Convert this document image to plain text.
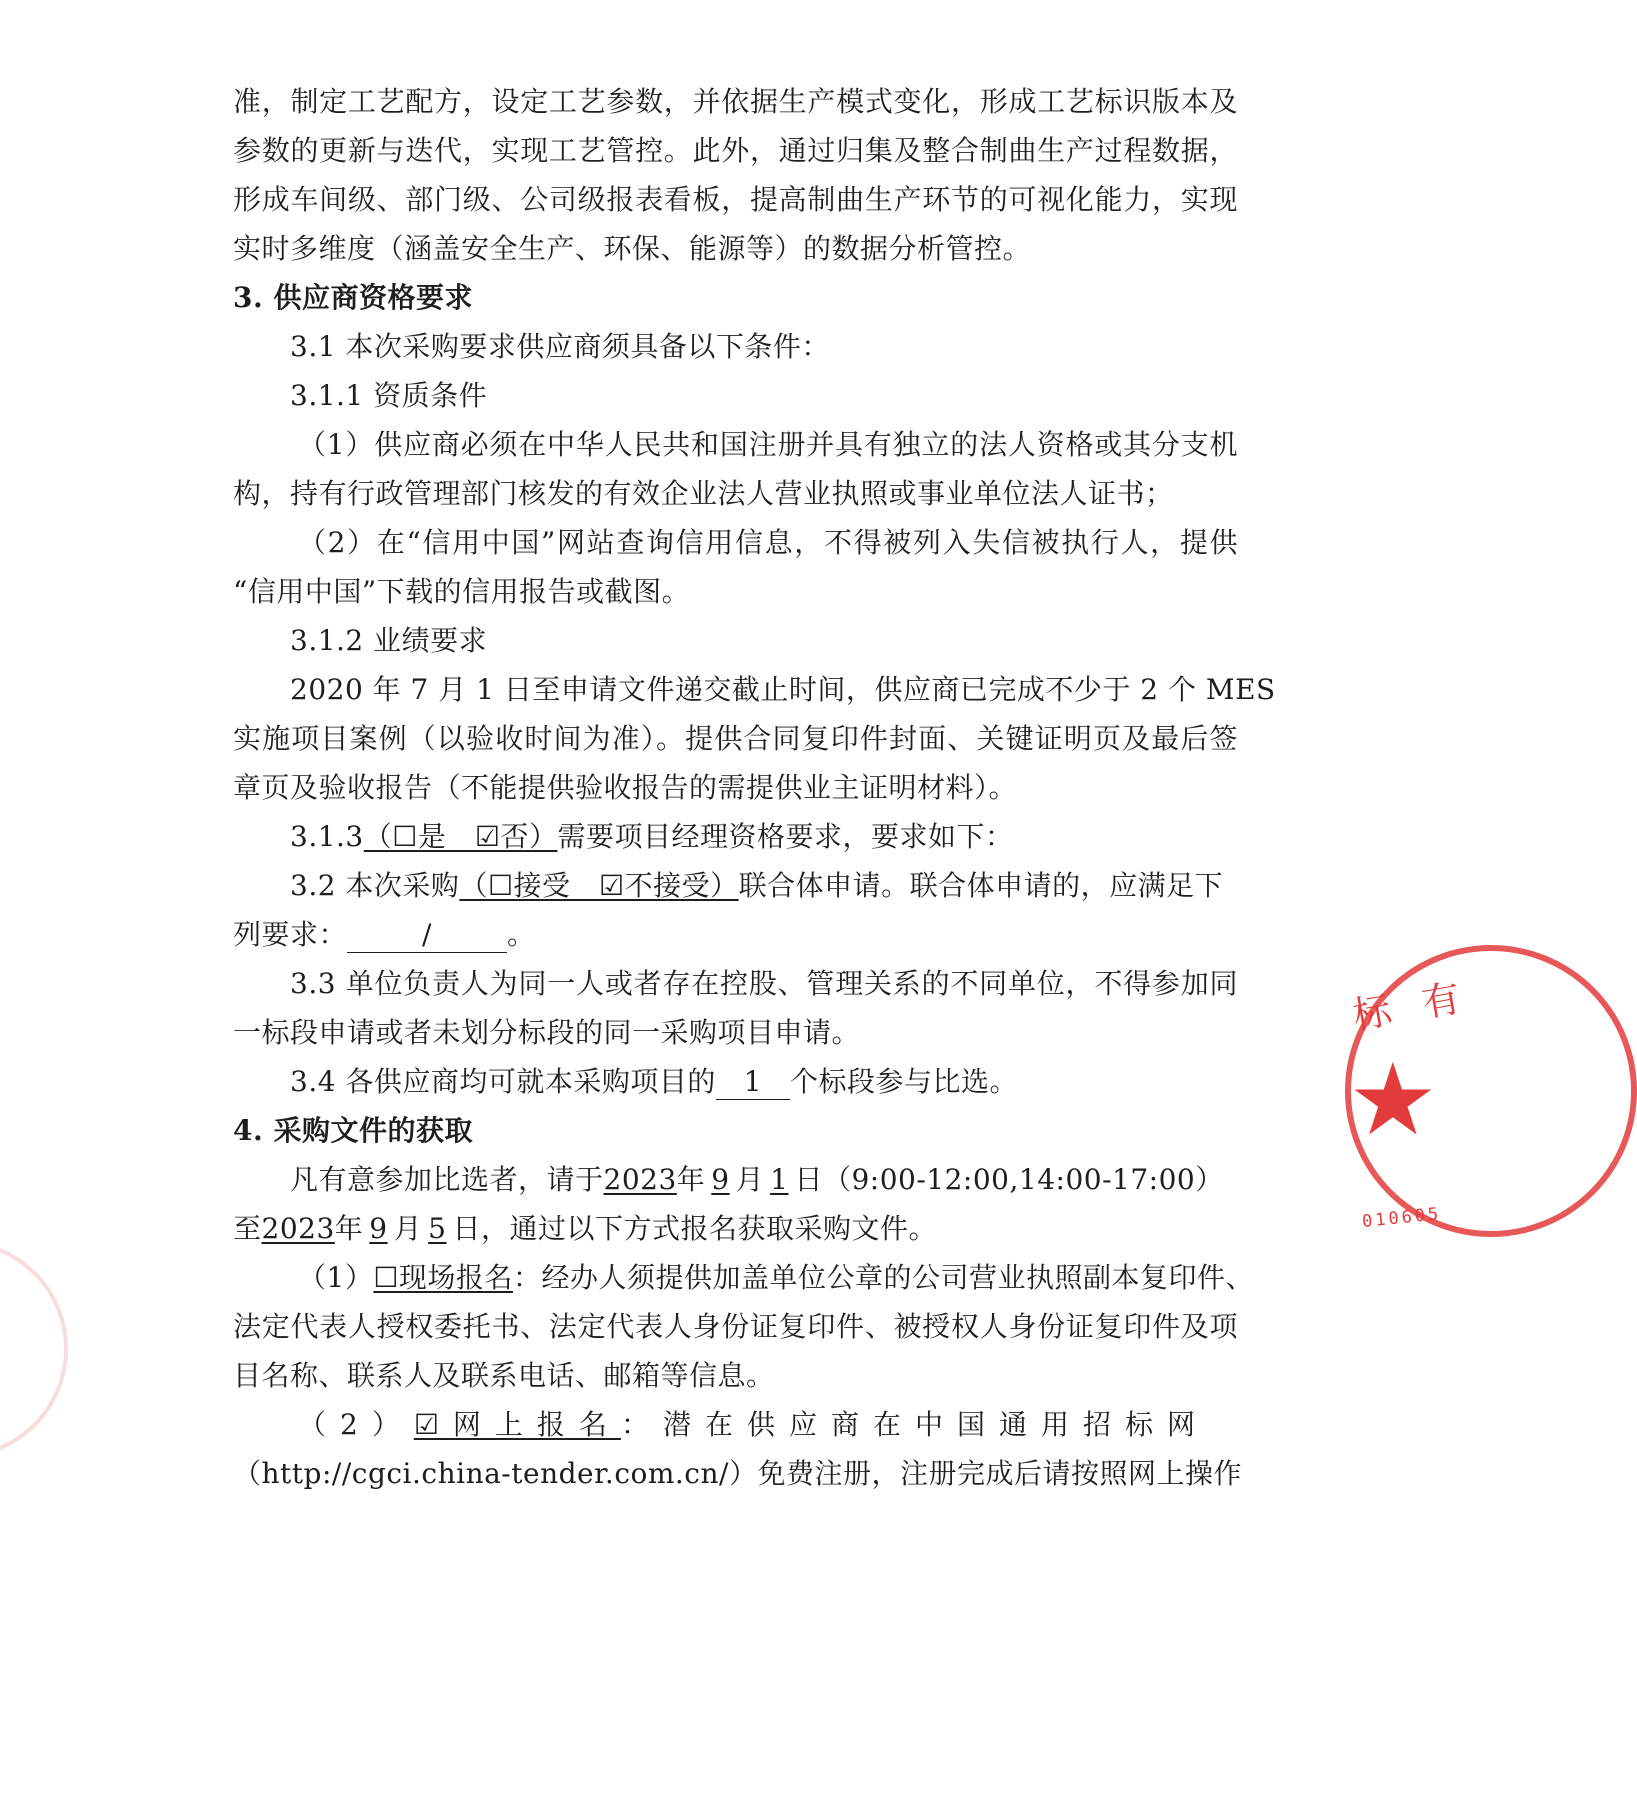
准，制定工艺配方，设定工艺参数，并依据生产模式变化，形成工艺标识版本及
参数的更新与迭代，实现工艺管控。此外，通过归集及整合制曲生产过程数据，
形成车间级、部门级、公司级报表看板，提高制曲生产环节的可视化能力，实现
实时多维度（涵盖安全生产、环保、能源等）的数据分析管控。
3. 供应商资格要求
3.1 本次采购要求供应商须具备以下条件：
3.1.1 资质条件
（1）供应商必须在中华人民共和国注册并具有独立的法人资格或其分支机
构，持有行政管理部门核发的有效企业法人营业执照或事业单位法人证书；
（2）在“信用中国”网站查询信用信息，不得被列入失信被执行人，提供
“信用中国”下载的信用报告或截图。
3.1.2 业绩要求
2020 年 7 月 1 日至申请文件递交截止时间，供应商已完成不少于 2 个 MES
实施项目案例（以验收时间为准）。提供合同复印件封面、关键证明页及最后签
章页及验收报告（不能提供验收报告的需提供业主证明材料）。
3.1.3（☐是　☑否）需要项目经理资格要求，要求如下：
3.2 本次采购（☐接受　☑不接受）联合体申请。联合体申请的，应满足下
列要求：	/	。
3.3 单位负责人为同一人或者存在控股、管理关系的不同单位，不得参加同
一标段申请或者未划分标段的同一采购项目申请。
3.4 各供应商均可就本采购项目的 1 个标段参与比选。
4. 采购文件的获取
凡有意参加比选者，请于2023年 9 月 1 日（9:00-12:00,14:00-17:00）
至2023年 9 月 5 日，通过以下方式报名获取采购文件。
（1）☐现场报名：经办人须提供加盖单位公章的公司营业执照副本复印件、
法定代表人授权委托书、法定代表人身份证复印件、被授权人身份证复印件及项
目名称、联系人及联系电话、邮箱等信息。
（2）☑网上报名：潜在供应商在中国通用招标网
（http://cgci.china-tender.com.cn/）免费注册，注册完成后请按照网上操作
标 有
★
010605
